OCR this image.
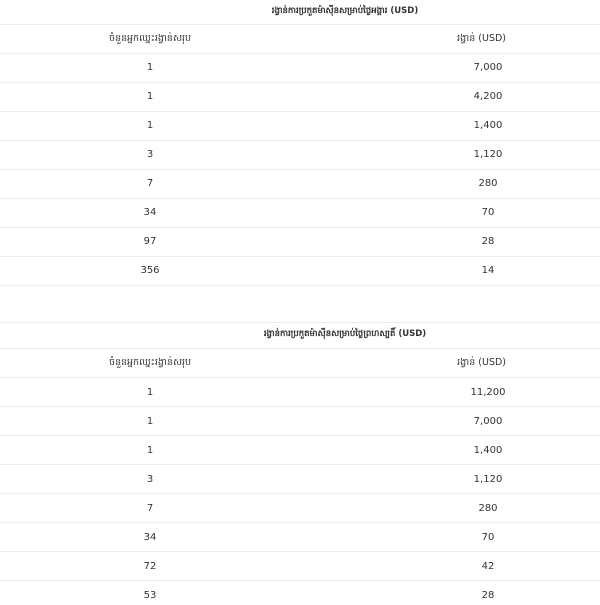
រង្វាន់ការប្រកួតម៉ាស៊ីនសម្រាប់ថ្ងៃអង្គារ (USD)	
ចំនួនអ្នកឈ្នះរង្វាន់សរុប	រង្វាន់ (USD)
1	7,000
1	4,200
1	1,400
3	1,120
7	280
34	70
97	28
356	14
រង្វាន់ការប្រកួតម៉ាស៊ីនសម្រាប់ថ្ងៃព្រហស្បតិ៍ (USD)	
ចំនួនអ្នកឈ្នះរង្វាន់សរុប	រង្វាន់ (USD)
1	11,200
1	7,000
1	1,400
3	1,120
7	280
34	70
72	42
53	28
